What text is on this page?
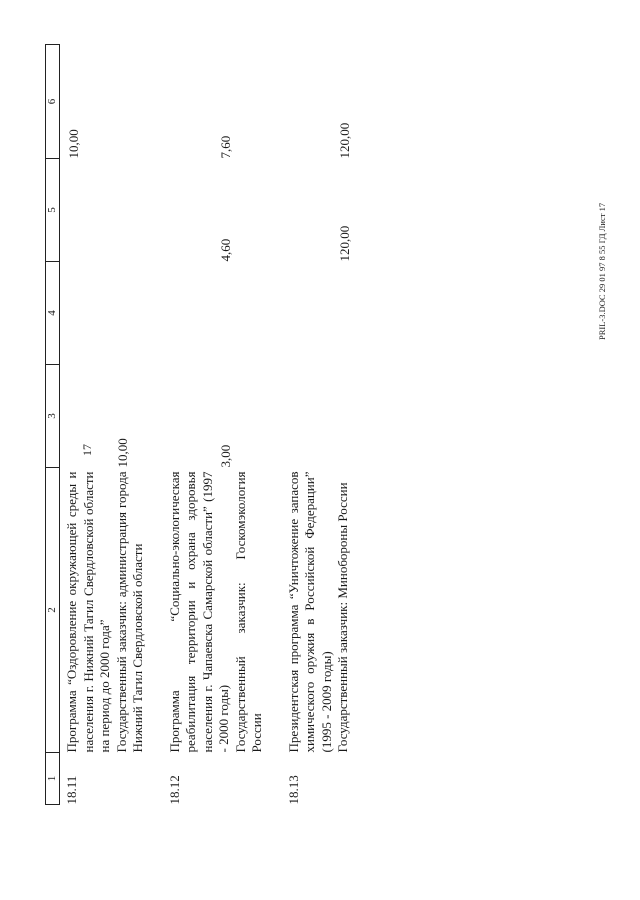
17
1	2	3	4	5	6
18.11	Программа “Оздоровление окружающей среды и населения г. Нижний Тагил Свердловской области на период до 2000 года” Государственный заказчик: администрация города Нижний Тагил Свердловской области	10,00			10,00
18.12	Программа “Социально-экологическая реабилитация территории и охрана здоровья населения г. Чапаевска Самарской области” (1997 - 2000 годы) Государственный заказчик: Госкомэкология России	3,00		4,60	7,60
18.13	Президентская программа “Уничтожение запасов химического оружия в Российской Федерации” (1995 - 2009 годы) Государственный заказчик: Минобороны России			120,00	120,00
PRIL-3.DOC 29 01 97 8 55 ГД Лист 17
